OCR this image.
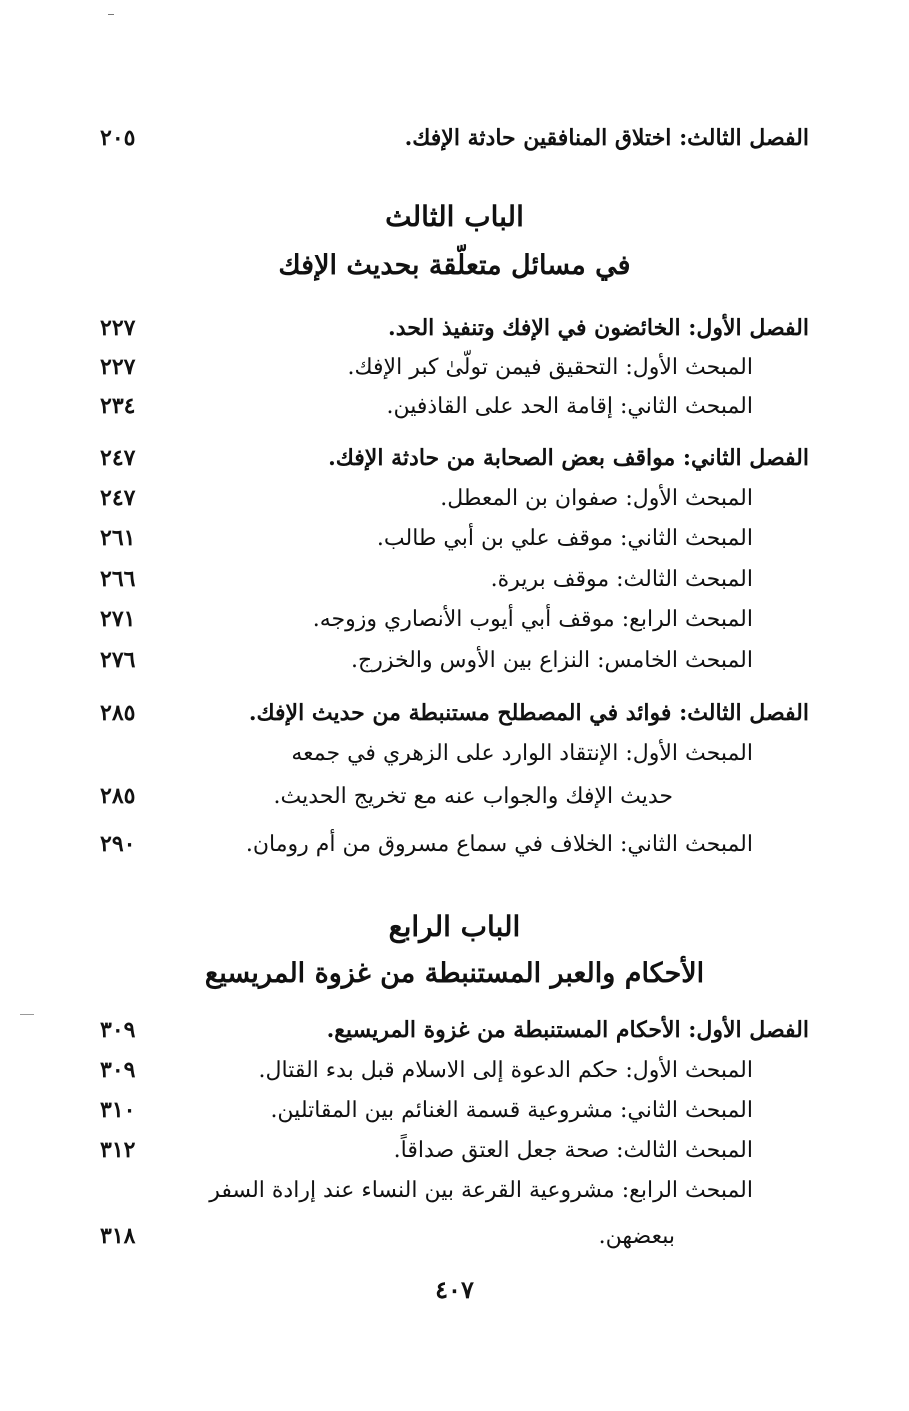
الفصل الثالث: اختلاق المنافقين حادثة الإفك.
٢٠٥
الباب الثالث
في مسائل متعلّقة بحديث الإفك
الفصل الأول: الخائضون في الإفك وتنفيذ الحد.
٢٢٧
المبحث الأول: التحقيق فيمن تولّىٰ كبر الإفك.
٢٢٧
المبحث الثاني: إقامة الحد على القاذفين.
٢٣٤
الفصل الثاني: مواقف بعض الصحابة من حادثة الإفك.
٢٤٧
المبحث الأول: صفوان بن المعطل.
٢٤٧
المبحث الثاني: موقف علي بن أبي طالب.
٢٦١
المبحث الثالث: موقف بريرة.
٢٦٦
المبحث الرابع: موقف أبي أيوب الأنصاري وزوجه.
٢٧١
المبحث الخامس: النزاع بين الأوس والخزرج.
٢٧٦
الفصل الثالث: فوائد في المصطلح مستنبطة من حديث الإفك.
٢٨٥
المبحث الأول: الإنتقاد الوارد على الزهري في جمعه
حديث الإفك والجواب عنه مع تخريج الحديث.
٢٨٥
المبحث الثاني: الخلاف في سماع مسروق من أم رومان.
٢٩٠
الباب الرابع
الأحكام والعبر المستنبطة من غزوة المريسيع
الفصل الأول: الأحكام المستنبطة من غزوة المريسيع.
٣٠٩
المبحث الأول: حكم الدعوة إلى الاسلام قبل بدء القتال.
٣٠٩
المبحث الثاني: مشروعية قسمة الغنائم بين المقاتلين.
٣١٠
المبحث الثالث: صحة جعل العتق صداقاً.
٣١٢
المبحث الرابع: مشروعية القرعة بين النساء عند إرادة السفر
ببعضهن.
٣١٨
٤٠٧
